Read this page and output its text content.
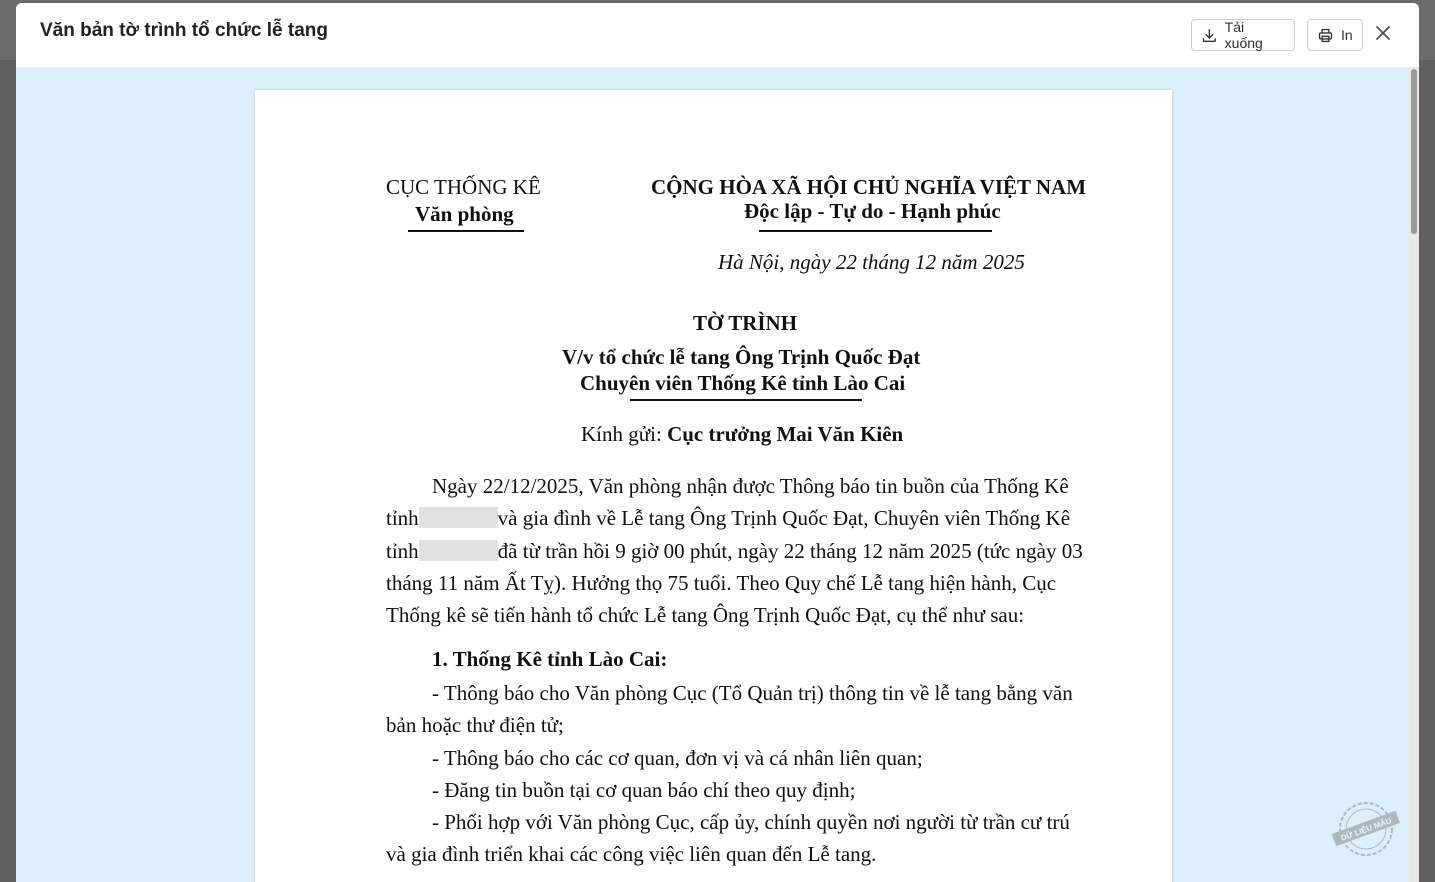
Văn bản tờ trình tổ chức lễ tang	Tải xuống	In
CỤC THỐNG KÊ
Văn phòng
CỘNG HÒA XÃ HỘI CHỦ NGHĨA VIỆT NAM
Độc lập - Tự do - Hạnh phúc
Hà Nội, ngày 22 tháng 12 năm 2025
TỜ TRÌNH
V/v tổ chức lễ tang Ông Trịnh Quốc Đạt
Chuyên viên Thống Kê tỉnh Lào Cai
Kính gửi: Cục trưởng Mai Văn Kiên
Ngày 22/12/2025, Văn phòng nhận được Thông báo tin buồn của Thống Kê
tỉnh	và gia đình về Lễ tang Ông Trịnh Quốc Đạt, Chuyên viên Thống Kê
tỉnh	đã từ trần hồi 9 giờ 00 phút, ngày 22 tháng 12 năm 2025 (tức ngày 03
tháng 11 năm Ất Tỵ). Hưởng thọ 75 tuổi. Theo Quy chế Lễ tang hiện hành, Cục
Thống kê sẽ tiến hành tổ chức Lễ tang Ông Trịnh Quốc Đạt, cụ thể như sau:
1. Thống Kê tỉnh Lào Cai:
- Thông báo cho Văn phòng Cục (Tổ Quản trị) thông tin về lễ tang bằng văn
bản hoặc thư điện tử;
- Thông báo cho các cơ quan, đơn vị và cá nhân liên quan;
- Đăng tin buồn tại cơ quan báo chí theo quy định;
- Phối hợp với Văn phòng Cục, cấp ủy, chính quyền nơi người từ trần cư trú
và gia đình triển khai các công việc liên quan đến Lễ tang.
DỮ LIỆU MẪU
